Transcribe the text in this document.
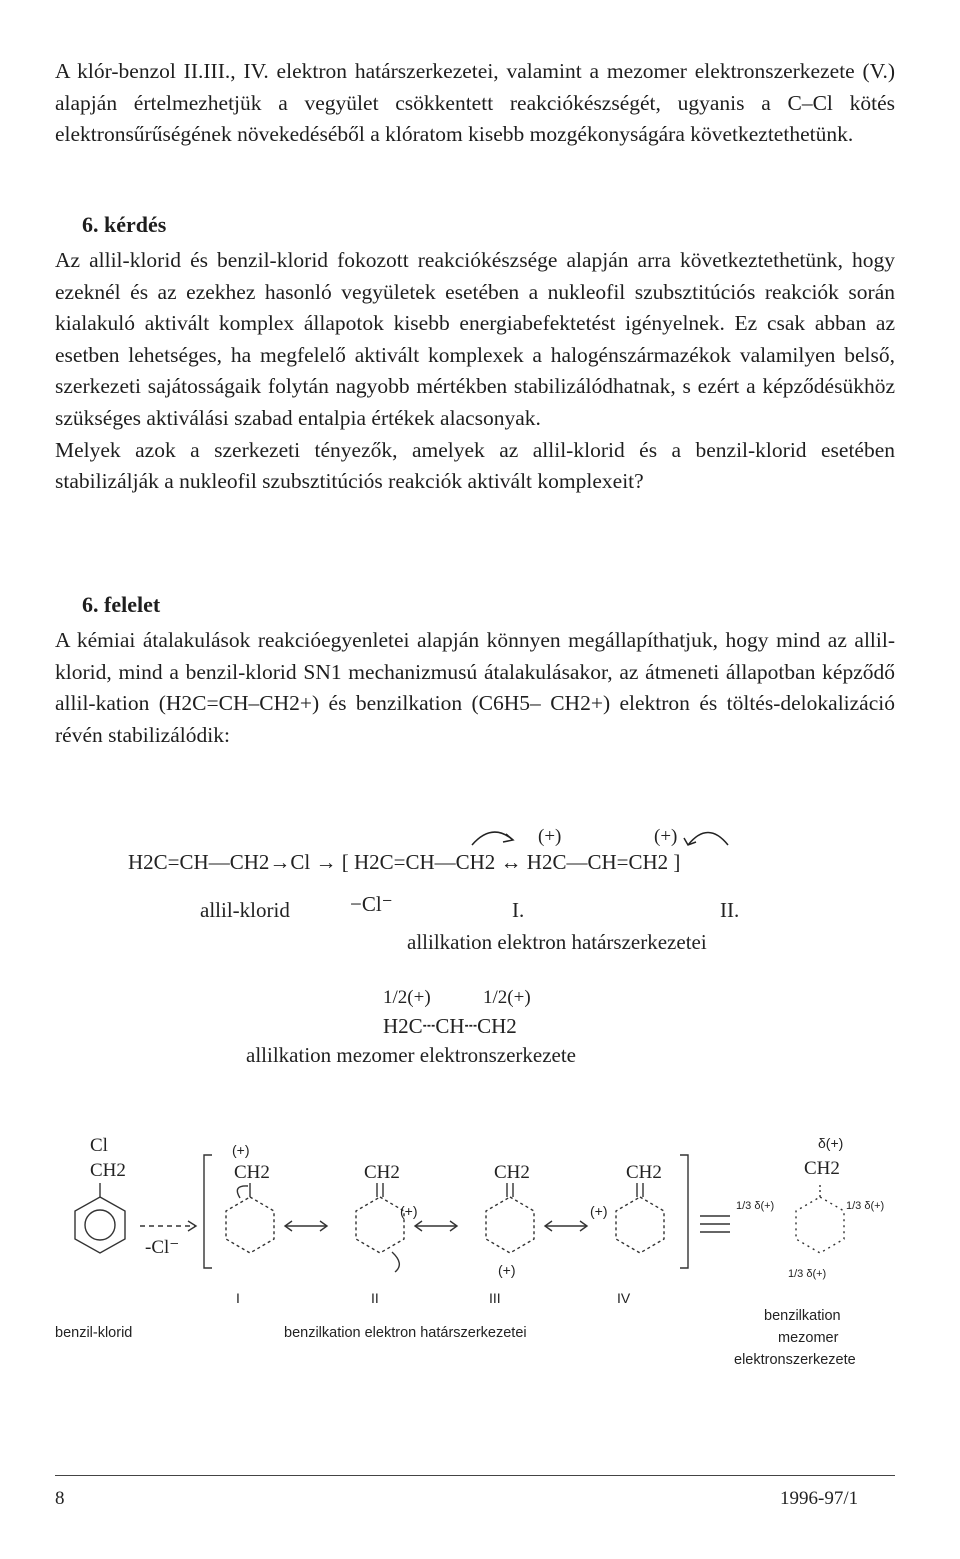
A klór-benzol II.III., IV. elektron határszerkezetei, valamint a mezomer elektronszerkezete (V.) alapján értelmezhetjük a vegyület csökkentett reakciókészségét, ugyanis a C–Cl kötés elektronsűrűségének növekedéséből a klóratom kisebb mozgékonyságára következtethetünk.

6. kérdés

Az allil-klorid és benzil-klorid fokozott reakciókészsége alapján arra következtethetünk, hogy ezeknél és az ezekhez hasonló vegyületek esetében a nukleofil szubsztitúciós reakciók során kialakuló aktivált komplex állapotok kisebb energiabefektetést igényelnek. Ez csak abban az esetben lehetséges, ha megfelelő aktivált komplexek a halogénszármazékok valamilyen belső, szerkezeti sajátosságaik folytán nagyobb mértékben stabilizálódhatnak, s ezért a képződésükhöz szükséges aktiválási szabad entalpia értékek alacsonyak.

Melyek azok a szerkezeti tényezők, amelyek az allil-klorid és a benzil-klorid esetében stabilizálják a nukleofil szubsztitúciós reakciók aktivált komplexeit?

6. felelet

A kémiai átalakulások reakcióegyenletei alapján könnyen megállapíthatjuk, hogy mind az allil-klorid, mind a benzil-klorid SN1 mechanizmusú átalakulásakor, az átmeneti állapotban képződő allil-kation (H2C=CH–CH2+) és benzilkation (C6H5– CH2+) elektron és töltés-delokalizáció révén stabilizálódik:

H2C=CH—CH2→Cl → [ H2C=CH—CH2 ↔ H2C—CH=CH2 ]
(+)	(+)
−Cl⁻
allil-klorid	I.	II.
allilkation elektron határszerkezetei
1/2(+)	1/2(+)
H2C┄CH┄CH2
allilkation mezomer elektronszerkezete
Cl
CH2
-Cl⁻
(+)
CH2	CH2
(+)
CH2
(+)
CH2
(+)
I	II	III	IV
δ(+)
CH2
1/3 δ(+)	1/3 δ(+)
1/3 δ(+)
benzil-klorid	benzilkation elektron határszerkezetei
benzilkation
mezomer
elektronszerkezete
8	1996-97/1
